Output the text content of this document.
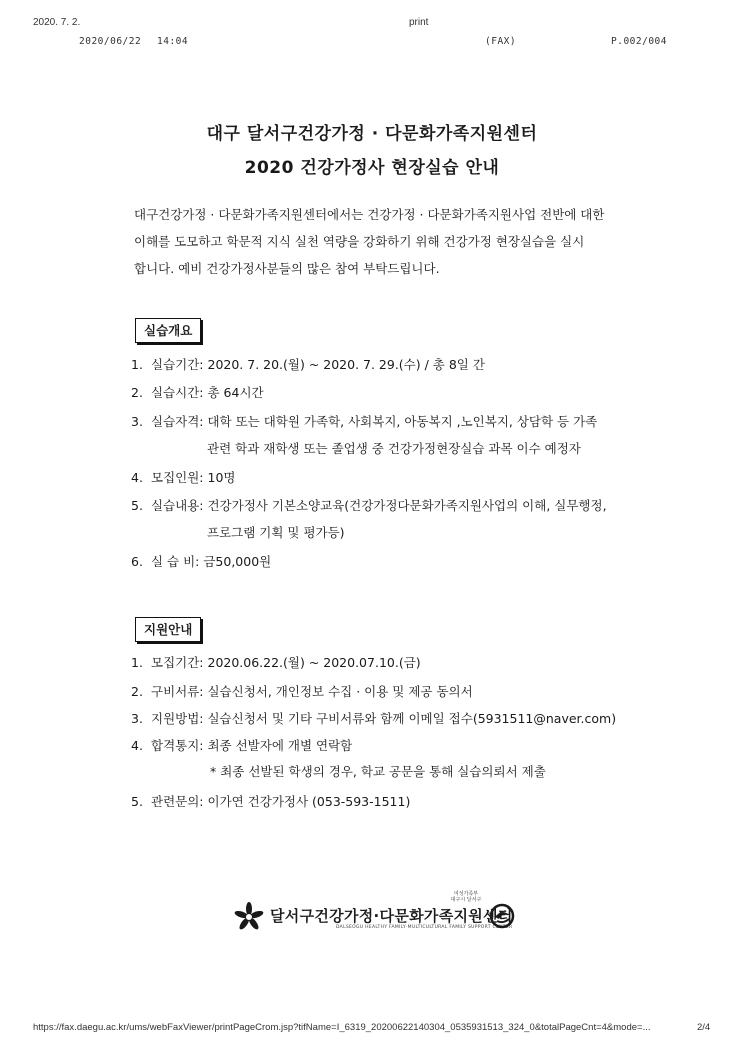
2020. 7. 2.	print
2020/06/22 14:04	(FAX)	P.002/004
대구 달서구건강가정 · 다문화가족지원센터
2020 건강가정사 현장실습 안내
대구건강가정 · 다문화가족지원센터에서는 건강가정 · 다문화가족지원사업 전반에 대한
이해를 도모하고 학문적 지식 실천 역량을 강화하기 위해 건강가정 현장실습을 실시
합니다. 예비 건강가정사분들의 많은 참여 부탁드립니다.
실습개요
1. 실습기간: 2020. 7. 20.(월) ~ 2020. 7. 29.(수) / 총 8일 간
2. 실습시간: 총 64시간
3. 실습자격: 대학 또는 대학원 가족학, 사회복지, 아동복지 ,노인복지, 상담학 등 가족
관련 학과 재학생 또는 졸업생 중 건강가정현장실습 과목 이수 예정자
4. 모집인원: 10명
5. 실습내용: 건강가정사 기본소양교육(건강가정다문화가족지원사업의 이해, 실무행정,
프로그램 기획 및 평가등)
6. 실 습 비: 금50,000원
지원안내
1. 모집기간: 2020.06.22.(월) ~ 2020.07.10.(금)
2. 구비서류: 실습신청서, 개인정보 수집 · 이용 및 제공 동의서
3. 지원방법: 실습신청서 및 기타 구비서류와 함께 이메일 접수(5931511@naver.com)
4. 합격통지: 최종 선발자에 개별 연락함
* 최종 선발된 학생의 경우, 학교 공문을 통해 실습의뢰서 제출
5. 관련문의: 이가연 건강가정사 (053-593-1511)
달서구건강가정·다문화가족지원센터
DALSEOGU HEALTHY FAMILY·MULTICULTURAL FAMILY SUPPORT CENTER
여성가족부
대구시 달서구
https://fax.daegu.ac.kr/ums/webFaxViewer/printPageCrom.jsp?tifName=I_6319_20200622140304_0535931513_324_0&totalPageCnt=4&mode=...	2/4
